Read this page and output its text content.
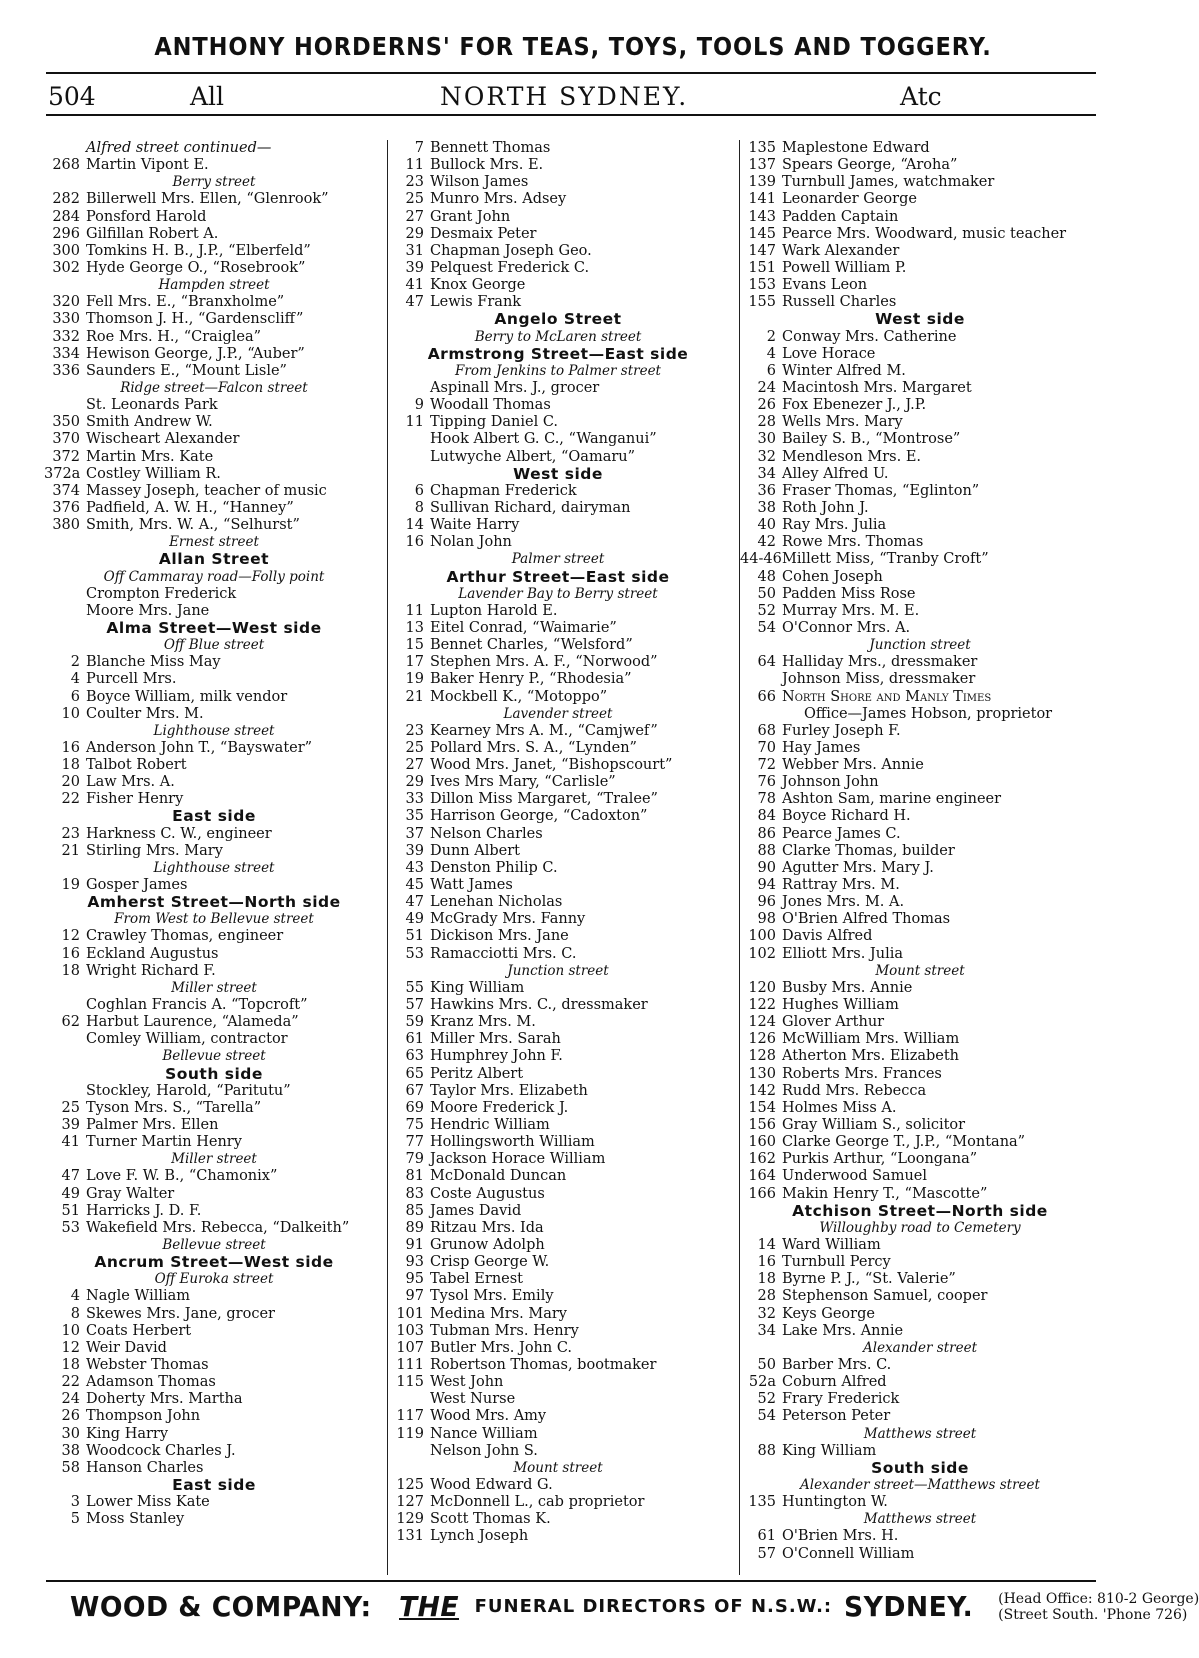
ANTHONY HORDERNS' FOR TEAS, TOYS, TOOLS AND TOGGERY.
504	All	NORTH SYDNEY.	Atc
Alfred street continued—
268 Martin Vipont E.
Berry street
282 Billerwell Mrs. Ellen, “Glenrook”
284 Ponsford Harold
296 Gilfillan Robert A.
300 Tomkins H. B., J.P., “Elberfeld”
302 Hyde George O., “Rosebrook”
Hampden street
320 Fell Mrs. E., “Branxholme”
330 Thomson J. H., “Gardenscliff”
332 Roe Mrs. H., “Craiglea”
334 Hewison George, J.P., “Auber”
336 Saunders E., “Mount Lisle”
Ridge street—Falcon street
St. Leonards Park
350 Smith Andrew W.
370 Wischeart Alexander
372 Martin Mrs. Kate
372a Costley William R.
374 Massey Joseph, teacher of music
376 Padfield, A. W. H., “Hanney”
380 Smith, Mrs. W. A., “Selhurst”
Ernest street
Allan Street
Off Cammaray road—Folly point
Crompton Frederick
Moore Mrs. Jane
Alma Street—West side
Off Blue street
2 Blanche Miss May
4 Purcell Mrs.
6 Boyce William, milk vendor
10 Coulter Mrs. M.
Lighthouse street
16 Anderson John T., “Bayswater”
18 Talbot Robert
20 Law Mrs. A.
22 Fisher Henry
East side
23 Harkness C. W., engineer
21 Stirling Mrs. Mary
Lighthouse street
19 Gosper James
Amherst Street—North side
From West to Bellevue street
12 Crawley Thomas, engineer
16 Eckland Augustus
18 Wright Richard F.
Miller street
Coghlan Francis A. “Topcroft”
62 Harbut Laurence, “Alameda”
Comley William, contractor
Bellevue street
South side
Stockley, Harold, “Paritutu”
25 Tyson Mrs. S., “Tarella”
39 Palmer Mrs. Ellen
41 Turner Martin Henry
Miller street
47 Love F. W. B., “Chamonix”
49 Gray Walter
51 Harricks J. D. F.
53 Wakefield Mrs. Rebecca, “Dalkeith”
Bellevue street
Ancrum Street—West side
Off Euroka street
4 Nagle William
8 Skewes Mrs. Jane, grocer
10 Coats Herbert
12 Weir David
18 Webster Thomas
22 Adamson Thomas
24 Doherty Mrs. Martha
26 Thompson John
30 King Harry
38 Woodcock Charles J.
58 Hanson Charles
East side
3 Lower Miss Kate
5 Moss Stanley
7 Bennett Thomas
11 Bullock Mrs. E.
23 Wilson James
25 Munro Mrs. Adsey
27 Grant John
29 Desmaix Peter
31 Chapman Joseph Geo.
39 Pelquest Frederick C.
41 Knox George
47 Lewis Frank
Angelo Street
Berry to McLaren street
Armstrong Street—East side
From Jenkins to Palmer street
Aspinall Mrs. J., grocer
9 Woodall Thomas
11 Tipping Daniel C.
Hook Albert G. C., “Wanganui”
Lutwyche Albert, “Oamaru”
West side
6 Chapman Frederick
8 Sullivan Richard, dairyman
14 Waite Harry
16 Nolan John
Palmer street
Arthur Street—East side
Lavender Bay to Berry street
11 Lupton Harold E.
13 Eitel Conrad, “Waimarie”
15 Bennet Charles, “Welsford”
17 Stephen Mrs. A. F., “Norwood”
19 Baker Henry P., “Rhodesia”
21 Mockbell K., “Motoppo”
Lavender street
23 Kearney Mrs A. M., “Camjwef”
25 Pollard Mrs. S. A., “Lynden”
27 Wood Mrs. Janet, “Bishopscourt”
29 Ives Mrs Mary, “Carlisle”
33 Dillon Miss Margaret, “Tralee”
35 Harrison George, “Cadoxton”
37 Nelson Charles
39 Dunn Albert
43 Denston Philip C.
45 Watt James
47 Lenehan Nicholas
49 McGrady Mrs. Fanny
51 Dickison Mrs. Jane
53 Ramacciotti Mrs. C.
Junction street
55 King William
57 Hawkins Mrs. C., dressmaker
59 Kranz Mrs. M.
61 Miller Mrs. Sarah
63 Humphrey John F.
65 Peritz Albert
67 Taylor Mrs. Elizabeth
69 Moore Frederick J.
75 Hendric William
77 Hollingsworth William
79 Jackson Horace William
81 McDonald Duncan
83 Coste Augustus
85 James David
89 Ritzau Mrs. Ida
91 Grunow Adolph
93 Crisp George W.
95 Tabel Ernest
97 Tysol Mrs. Emily
101 Medina Mrs. Mary
103 Tubman Mrs. Henry
107 Butler Mrs. John C.
111 Robertson Thomas, bootmaker
115 West John
West Nurse
117 Wood Mrs. Amy
119 Nance William
Nelson John S.
Mount street
125 Wood Edward G.
127 McDonnell L., cab proprietor
129 Scott Thomas K.
131 Lynch Joseph
135 Maplestone Edward
137 Spears George, “Aroha”
139 Turnbull James, watchmaker
141 Leonarder George
143 Padden Captain
145 Pearce Mrs. Woodward, music teacher
147 Wark Alexander
151 Powell William P.
153 Evans Leon
155 Russell Charles
West side
2 Conway Mrs. Catherine
4 Love Horace
6 Winter Alfred M.
24 Macintosh Mrs. Margaret
26 Fox Ebenezer J., J.P.
28 Wells Mrs. Mary
30 Bailey S. B., “Montrose”
32 Mendleson Mrs. E.
34 Alley Alfred U.
36 Fraser Thomas, “Eglinton”
38 Roth John J.
40 Ray Mrs. Julia
42 Rowe Mrs. Thomas
44-46 Millett Miss, “Tranby Croft”
48 Cohen Joseph
50 Padden Miss Rose
52 Murray Mrs. M. E.
54 O'Connor Mrs. A.
Junction street
64 Halliday Mrs., dressmaker
Johnson Miss, dressmaker
66 North Shore and Manly Times
Office—James Hobson, proprietor
68 Furley Joseph F.
70 Hay James
72 Webber Mrs. Annie
76 Johnson John
78 Ashton Sam, marine engineer
84 Boyce Richard H.
86 Pearce James C.
88 Clarke Thomas, builder
90 Agutter Mrs. Mary J.
94 Rattray Mrs. M.
96 Jones Mrs. M. A.
98 O'Brien Alfred Thomas
100 Davis Alfred
102 Elliott Mrs. Julia
Mount street
120 Busby Mrs. Annie
122 Hughes William
124 Glover Arthur
126 McWilliam Mrs. William
128 Atherton Mrs. Elizabeth
130 Roberts Mrs. Frances
142 Rudd Mrs. Rebecca
154 Holmes Miss A.
156 Gray William S., solicitor
160 Clarke George T., J.P., “Montana”
162 Purkis Arthur, “Loongana”
164 Underwood Samuel
166 Makin Henry T., “Mascotte”
Atchison Street—North side
Willoughby road to Cemetery
14 Ward William
16 Turnbull Percy
18 Byrne P. J., “St. Valerie”
28 Stephenson Samuel, cooper
32 Keys George
34 Lake Mrs. Annie
Alexander street
50 Barber Mrs. C.
52a Coburn Alfred
52 Frary Frederick
54 Peterson Peter
Matthews street
88 King William
South side
Alexander street—Matthews street
135 Huntington W.
Matthews street
61 O'Brien Mrs. H.
57 O'Connell William
WOOD & COMPANY: THE FUNERAL DIRECTORS OF N.S.W.: SYDNEY. (Head Office: 810-2 George)
(Street South. 'Phone 726)
